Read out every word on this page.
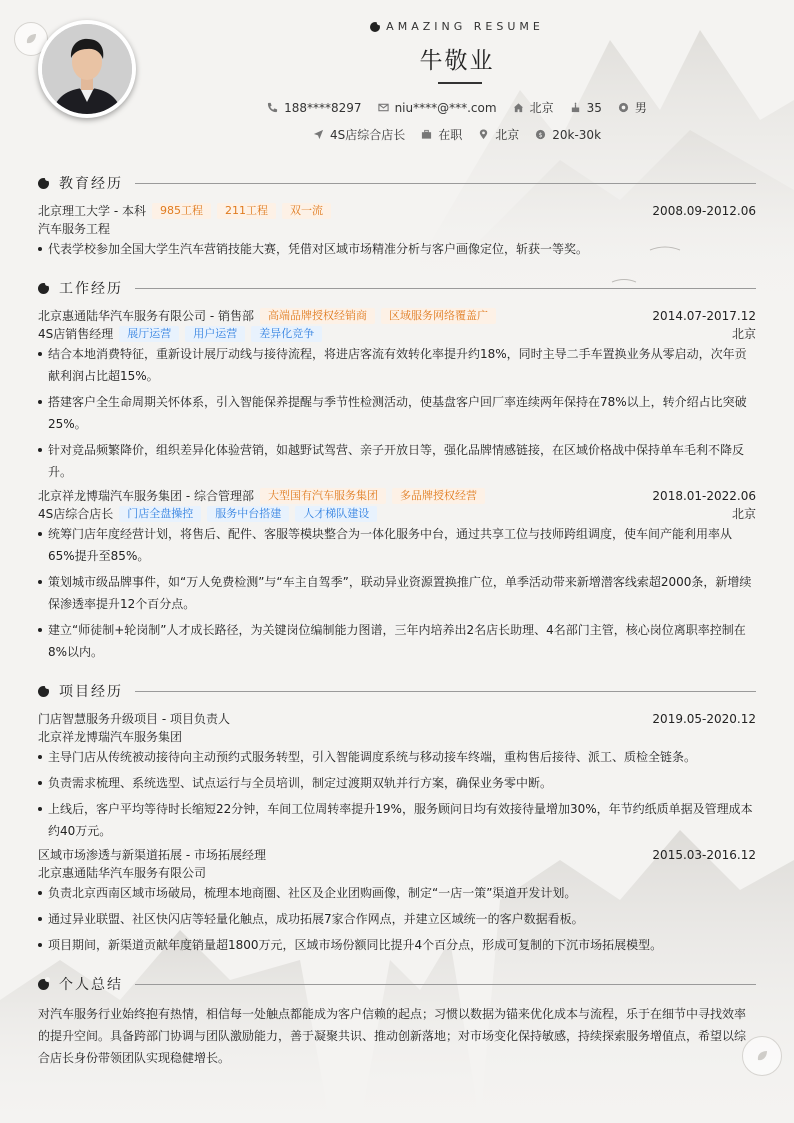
AMAZING RESUME
牛敬业
188****8297	niu****@***.com	北京	35	男
4S店综合店长	在职	北京	$ 20k-30k
教育经历
北京理工大学 - 本科	985工程	211工程	双一流	2008.09-2012.06
汽车服务工程
代表学校参加全国大学生汽车营销技能大赛，凭借对区域市场精准分析与客户画像定位，斩获一等奖。
工作经历
北京惠通陆华汽车服务有限公司 - 销售部	高端品牌授权经销商	区域服务网络覆盖广	2014.07-2017.12
4S店销售经理	展厅运营	用户运营	差异化竞争	北京
结合本地消费特征，重新设计展厅动线与接待流程，将进店客流有效转化率提升约18%，同时主导二手车置换业务从零启动，次年贡献利润占比超15%。
搭建客户全生命周期关怀体系，引入智能保养提醒与季节性检测活动，使基盘客户回厂率连续两年保持在78%以上，转介绍占比突破25%。
针对竞品频繁降价，组织差异化体验营销，如越野试驾营、亲子开放日等，强化品牌情感链接，在区域价格战中保持单车毛利不降反升。
北京祥龙博瑞汽车服务集团 - 综合管理部	大型国有汽车服务集团	多品牌授权经营	2018.01-2022.06
4S店综合店长	门店全盘操控	服务中台搭建	人才梯队建设	北京
统筹门店年度经营计划，将售后、配件、客服等模块整合为一体化服务中台，通过共享工位与技师跨组调度，使车间产能利用率从65%提升至85%。
策划城市级品牌事件，如“万人免费检测”与“车主自驾季”，联动异业资源置换推广位，单季活动带来新增潜客线索超2000条，新增续保渗透率提升12个百分点。
建立“师徒制+轮岗制”人才成长路径，为关键岗位编制能力图谱，三年内培养出2名店长助理、4名部门主管，核心岗位离职率控制在8%以内。
项目经历
门店智慧服务升级项目 - 项目负责人	2019.05-2020.12
北京祥龙博瑞汽车服务集团
主导门店从传统被动接待向主动预约式服务转型，引入智能调度系统与移动接车终端，重构售后接待、派工、质检全链条。
负责需求梳理、系统选型、试点运行与全员培训，制定过渡期双轨并行方案，确保业务零中断。
上线后，客户平均等待时长缩短22分钟，车间工位周转率提升19%，服务顾问日均有效接待量增加30%，年节约纸质单据及管理成本约40万元。
区域市场渗透与新渠道拓展 - 市场拓展经理	2015.03-2016.12
北京惠通陆华汽车服务有限公司
负责北京西南区域市场破局，梳理本地商圈、社区及企业团购画像，制定“一店一策”渠道开发计划。
通过异业联盟、社区快闪店等轻量化触点，成功拓展7家合作网点，并建立区域统一的客户数据看板。
项目期间，新渠道贡献年度销量超1800万元，区域市场份额同比提升4个百分点，形成可复制的下沉市场拓展模型。
个人总结
对汽车服务行业始终抱有热情，相信每一处触点都能成为客户信赖的起点；习惯以数据为锚来优化成本与流程，乐于在细节中寻找效率的提升空间。具备跨部门协调与团队激励能力，善于凝聚共识、推动创新落地；对市场变化保持敏感，持续探索服务增值点，希望以综合店长身份带领团队实现稳健增长。
